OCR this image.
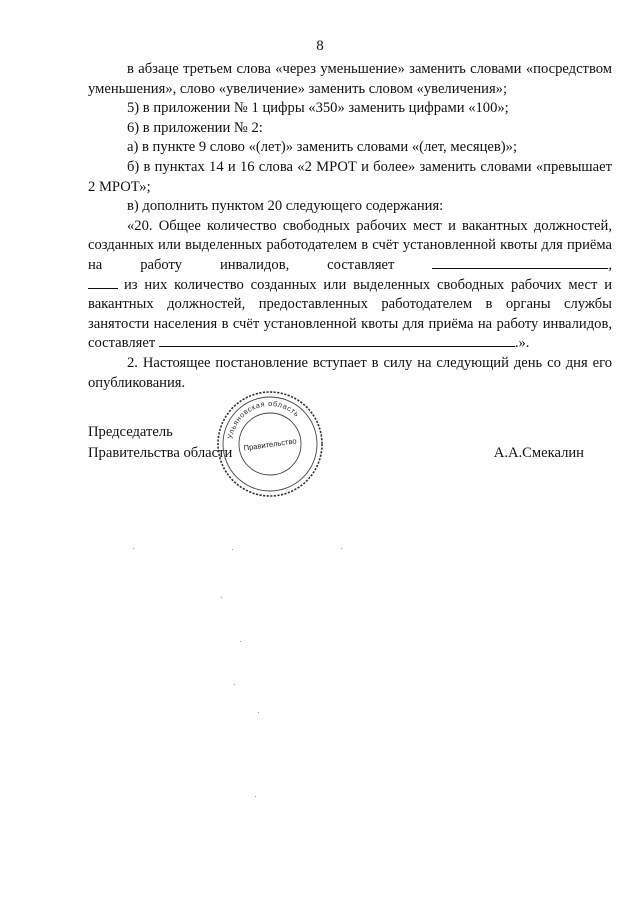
8

в абзаце третьем слова «через уменьшение» заменить словами «посредством уменьшения», слово «увеличение» заменить словом «увеличения»;

5) в приложении № 1 цифры «350» заменить цифрами «100»;

6) в приложении № 2:

а) в пункте 9 слово «(лет)» заменить словами «(лет, месяцев)»;

б) в пунктах 14 и 16 слова «2 МРОТ и более» заменить словами «превышает 2 МРОТ»;

в) дополнить пунктом 20 следующего содержания:

«20. Общее количество свободных рабочих мест и вакантных должностей, созданных или выделенных работодателем в счёт установленной квоты для приёма на работу инвалидов, составляет	,

из них количество созданных или выделенных свободных рабочих мест и вакантных должностей, предоставленных работодателем в органы службы занятости населения в счёт установленной квоты для приёма на работу инвалидов, составляет	.».

2. Настоящее постановление вступает в силу на следующий день со дня его опубликования.

Председатель
Правительства области	А.А.Смекалин
Ульяновская область
Правительство
